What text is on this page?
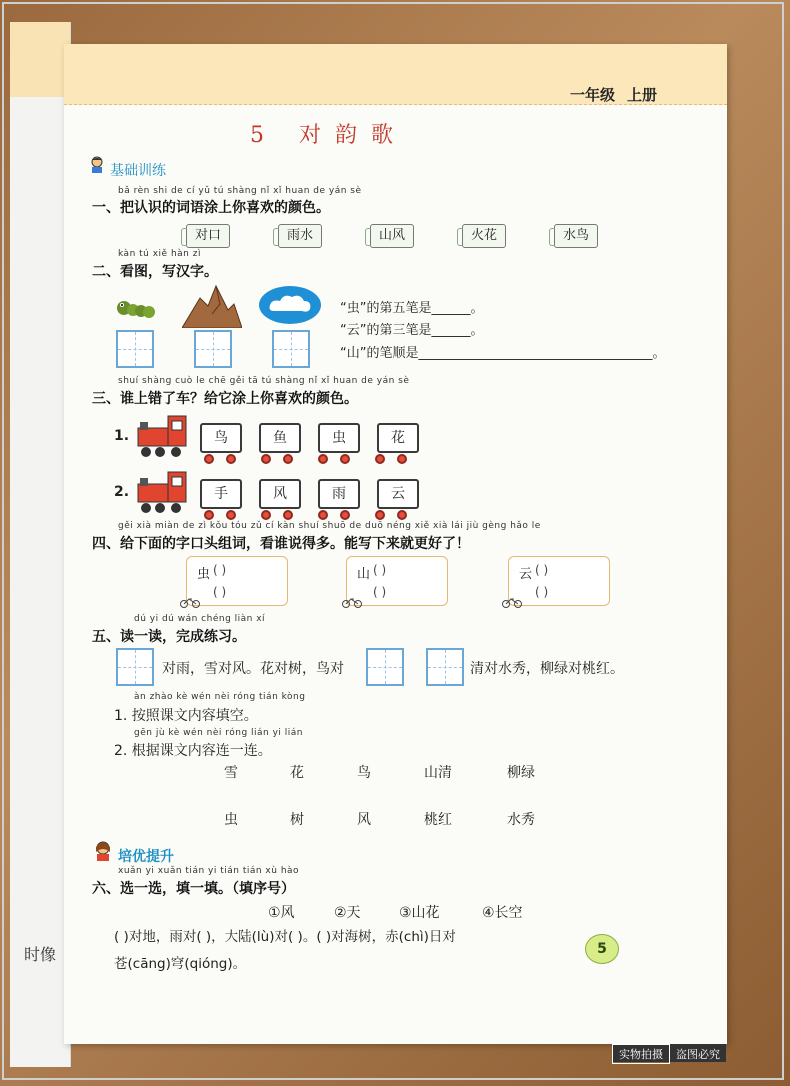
时像
一年级 上册
5 对韵歌
基础训练
bǎ rèn shi de cí yǔ tú shàng nǐ xǐ huan de yán sè
一、把认识的词语涂上你喜欢的颜色。
对口	雨水	山风	火花	水鸟
kàn tú xiě hàn zì
二、看图，写汉字。
“虫”的第五笔是______。
“云”的第三笔是______。
“山”的笔顺是____________________________________。
shuí shàng cuò le chē gěi tā tú shàng nǐ xǐ huan de yán sè
三、谁上错了车？给它涂上你喜欢的颜色。
1.	鸟	鱼	虫	花
2.	手	风	雨	云
gěi xià miàn de zì kǒu tóu zǔ cí kàn shuí shuō de duō néng xiě xià lái jiù gèng hǎo le
四、给下面的字口头组词，看谁说得多。能写下来就更好了！
虫 ( )
( )
山 ( )
( )
云 ( )
( )
dú yi dú wán chéng liàn xí
五、读一读，完成练习。
对雨，雪对风。花对树，鸟对	清对水秀，柳绿对桃红。
àn zhào kè wén nèi róng tián kòng
1. 按照课文内容填空。
gēn jù kè wén nèi róng lián yi lián
2. 根据课文内容连一连。
雪	花	鸟	山清	柳绿
虫	树	风	桃红	水秀
培优提升
xuǎn yi xuǎn tián yi tián tián xù hào
六、选一选，填一填。（填序号）
①风	②天	③山花	④长空
( )对地，雨对( )，大陆(lù)对( )。( )对海树，赤(chì)日对
苍(cāng)穹(qióng)。
5
实物拍摄 盗图必究
